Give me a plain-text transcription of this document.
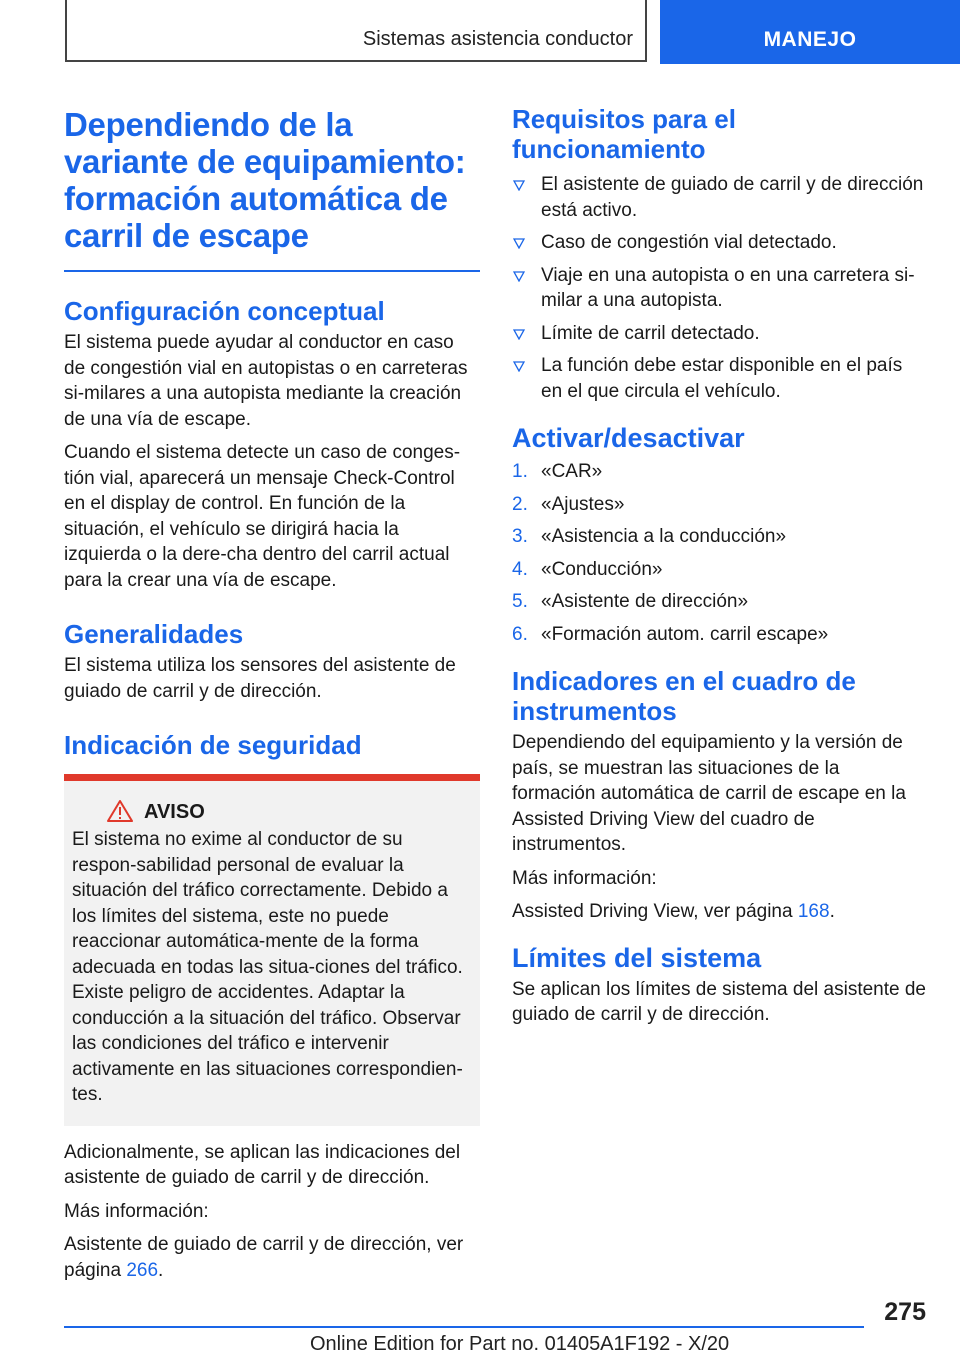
Sistemas asistencia conductor	MANEJO
Dependiendo de la variante de equipamiento: formación automática de carril de escape
Configuración conceptual

El sistema puede ayudar al conductor en caso de congestión vial en autopistas o en carreteras si-milares a una autopista mediante la creación de una vía de escape.

Cuando el sistema detecte un caso de conges-tión vial, aparecerá un mensaje Check-Control en el display de control. En función de la situación, el vehículo se dirigirá hacia la izquierda o la dere-cha dentro del carril actual para la crear una vía de escape.

Generalidades

El sistema utiliza los sensores del asistente de guiado de carril y de dirección.

Indicación de seguridad
AVISO

El sistema no exime al conductor de su respon-sabilidad personal de evaluar la situación del tráfico correctamente. Debido a los límites del sistema, este no puede reaccionar automática-mente de la forma adecuada en todas las situa-ciones del tráfico. Existe peligro de accidentes. Adaptar la conducción a la situación del tráfico. Observar las condiciones del tráfico e intervenir activamente en las situaciones correspondien-tes.

Adicionalmente, se aplican las indicaciones del asistente de guiado de carril y de dirección.

Más información:

Asistente de guiado de carril y de dirección, ver página 266.

Requisitos para el funcionamiento
El asistente de guiado de carril y de dirección está activo.
Caso de congestión vial detectado.
Viaje en una autopista o en una carretera si-milar a una autopista.
Límite de carril detectado.
La función debe estar disponible en el país en el que circula el vehículo.
Activar/desactivar
1. «CAR»
2. «Ajustes»
3. «Asistencia a la conducción»
4. «Conducción»
5. «Asistente de dirección»
6. «Formación autom. carril escape»
Indicadores en el cuadro de instrumentos

Dependiendo del equipamiento y la versión de país, se muestran las situaciones de la formación automática de carril de escape en la Assisted Driving View del cuadro de instrumentos.

Más información:

Assisted Driving View, ver página 168.

Límites del sistema

Se aplican los límites de sistema del asistente de guiado de carril y de dirección.

275
Online Edition for Part no. 01405A1F192 - X/20
